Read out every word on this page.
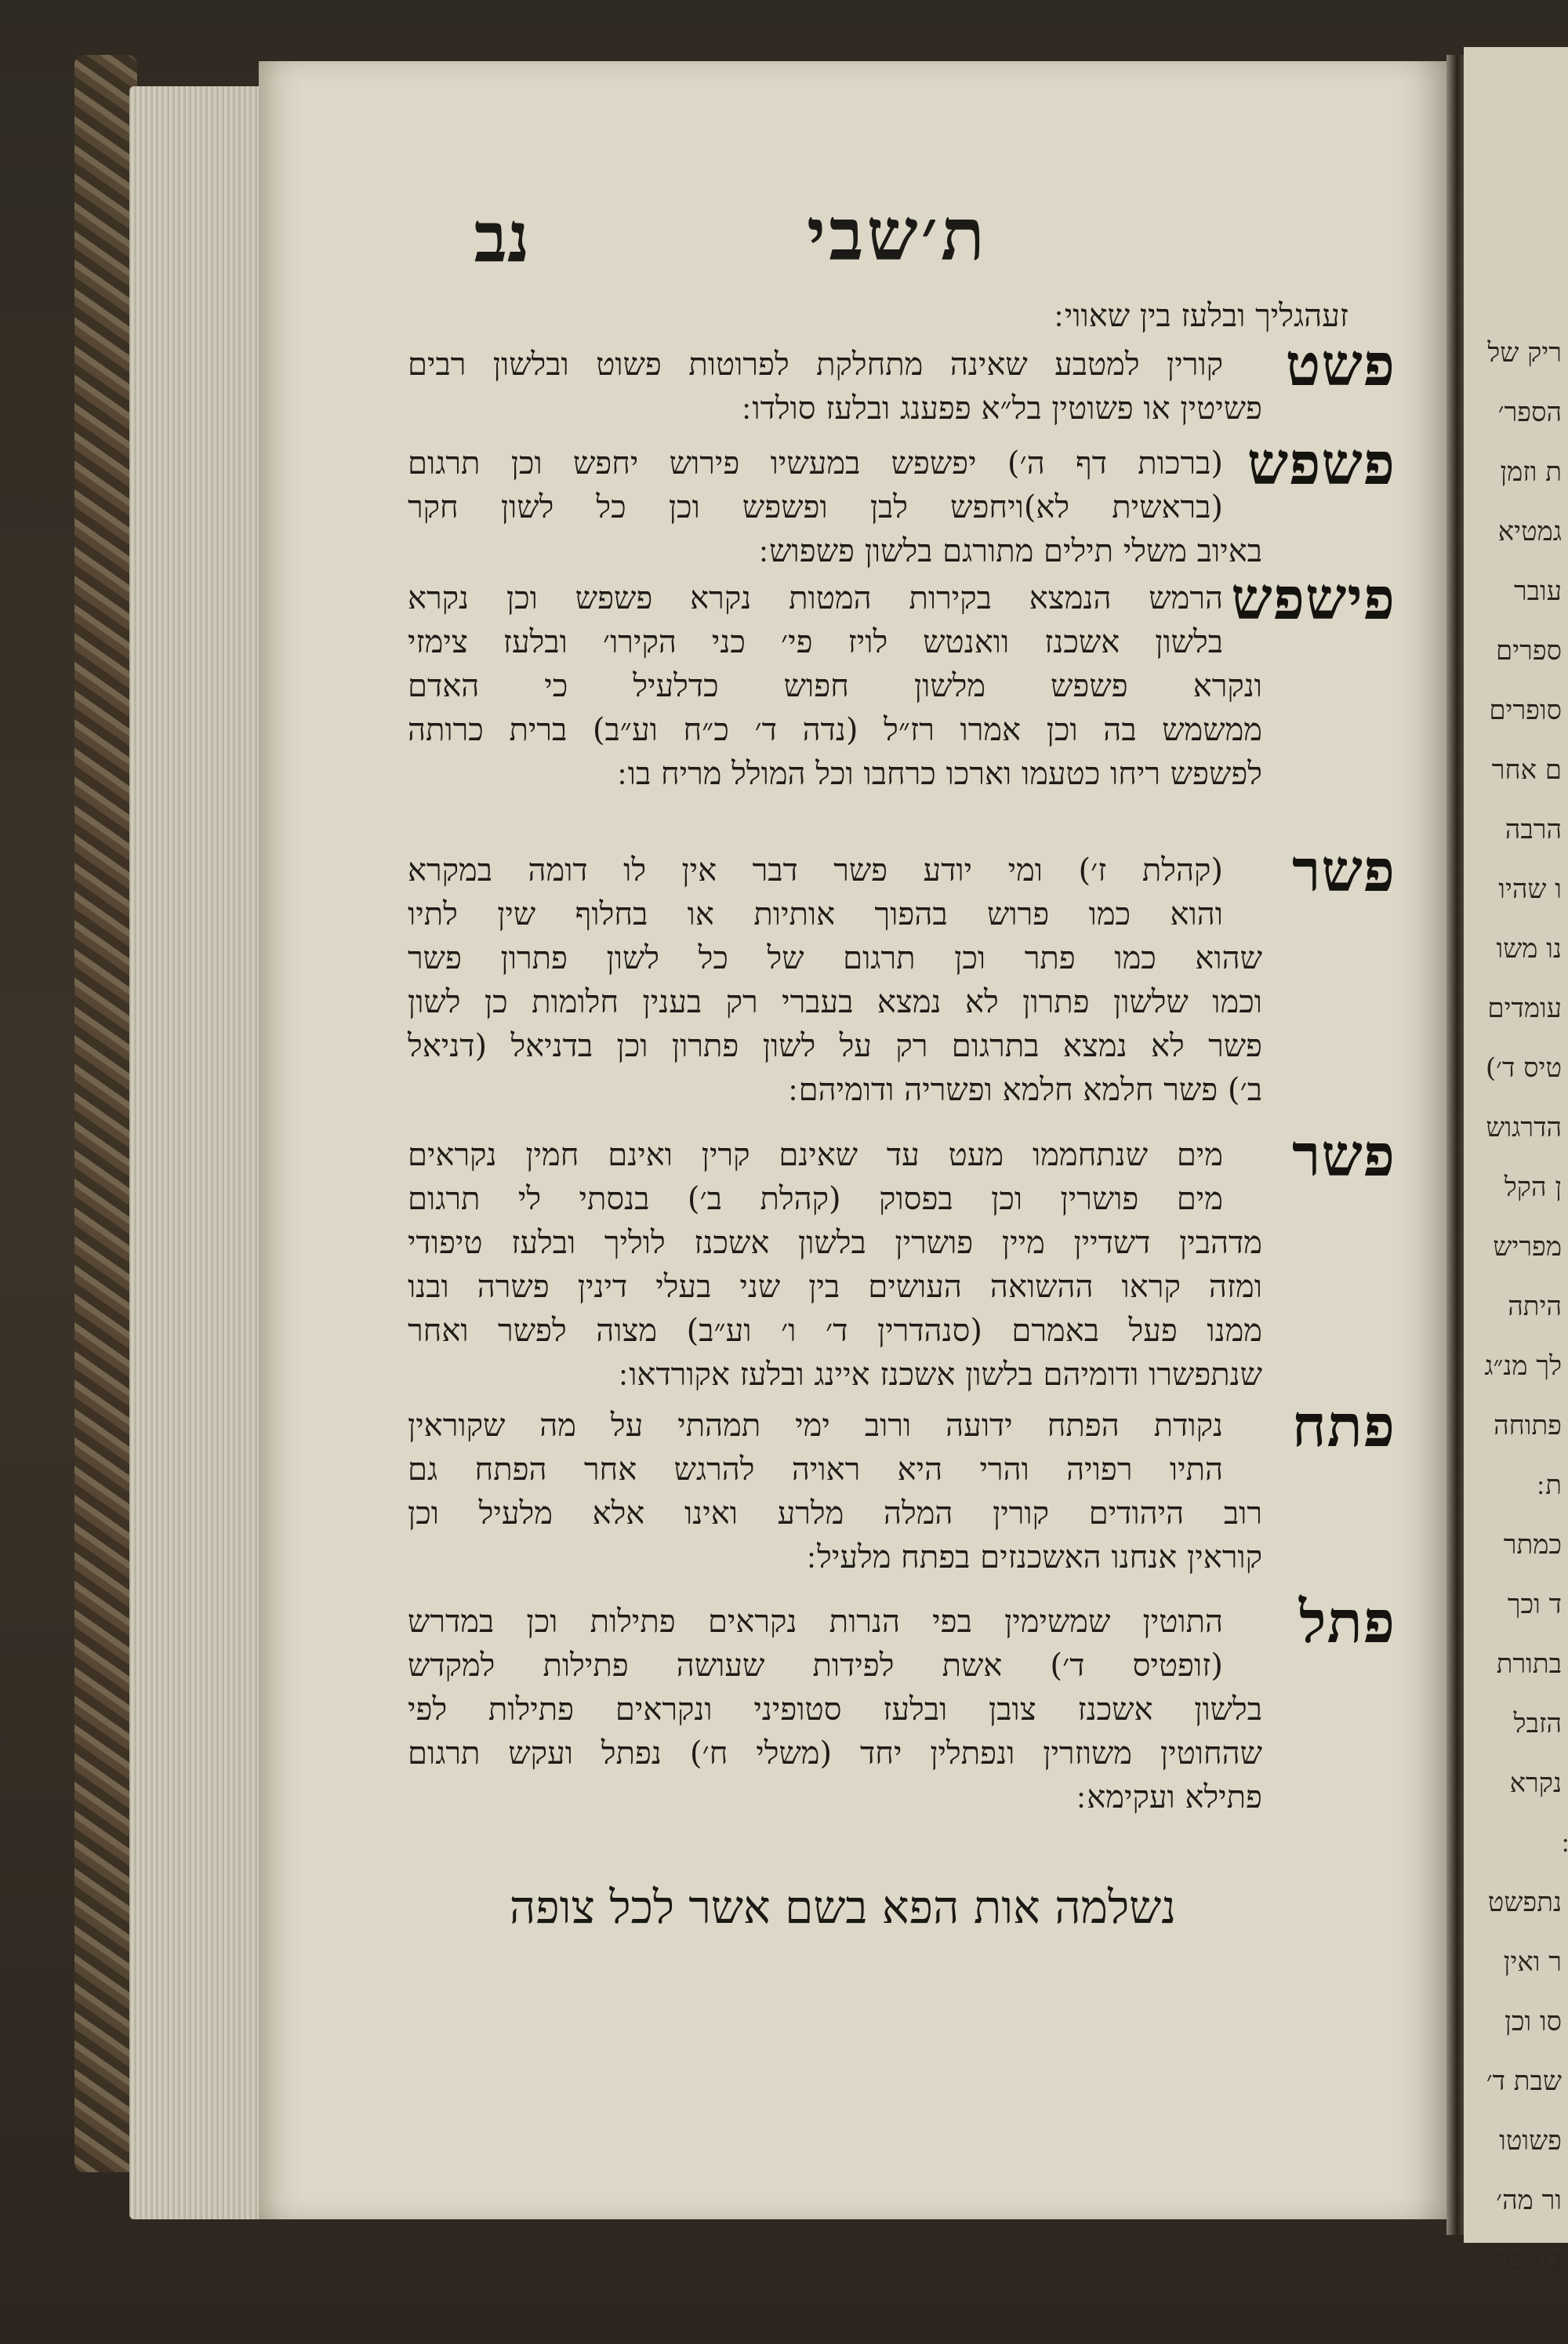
ריק של
הספר׳
ת וזמן
גמטיא
עובר
ספרים
סופרים
ם אחר
הרבה
ו שהיו
נו משו
עומדים
טיס ד׳)
הדרגוש
ן הקל
מפריש
היתה
לך מנ״ג
פתוחה
ת ׃
כמתר
ד וכך
בתורת
הזבל
נקרא
נתפשט
ר ואין
סו וכן
שבת ד׳
פשוטו
ור מה׳
בנז פר
ת׳שבי
נב
זעהגליך ובלעז בין שאווי ׃
פשט
קורין למטבע שאינה מתחלקת לפרוטות פשוט ובלשון רבים
פשיטין או פשוטין בל״א פפענג ובלעז סולדו ׃
פשפש
(ברכות דף ה׳) יפשפש במעשיו פירוש יחפש וכן תרגום
(בראשית לא)ויחפש לבן ופשפש וכן כל לשון חקר
באיוב משלי תילים מתורגם בלשון פשפוש ׃
פישפש
הרמש הנמצא בקירות המטות נקרא פשפש וכן נקרא
בלשון אשכנז וואנטש לויז פי׳ כני הקירו׳ ובלעז צימזי
ונקרא פשפש מלשון חפוש כדלעיל כי האדם
ממשמש בה וכן אמרו רז״ל (נדה ד׳ כ״ח וע״ב) ברית כרותה
לפשפש ריחו כטעמו וארכו כרחבו וכל המולל מריח בו ׃
פשר
(קהלת ז׳) ומי יודע פשר דבר אין לו דומה במקרא
והוא כמו פרוש בהפוך אותיות או בחלוף שין לתיו
שהוא כמו פתר וכן תרגום של כל לשון פתרון פשר
וכמו שלשון פתרון לא נמצא בעברי רק בענין חלומות כן לשון
פשר לא נמצא בתרגום רק על לשון פתרון וכן בדניאל (דניאל
ב׳) פשר חלמא חלמא ופשריה ודומיהם ׃
פשר
מים שנתחממו מעט עד שאינם קרין ואינם חמין נקראים
מים פושרין וכן בפסוק (קהלת ב׳) בנסתי לי תרגום
מדהבין דשדיין מיין פושרין בלשון אשכנז לוליך ובלעז טיפודי
ומזה קראו ההשואה העושים בין שני בעלי דינין פשרה ובנו
ממנו פעל באמרם (סנהדרין ד׳ ו׳ וע״ב) מצוה לפשר ואחר
שנתפשרו ודומיהם בלשון אשכנז איינג ובלעז אקורדאו ׃
פתח
נקודת הפתח ידועה ורוב ימי תמהתי על מה שקוראין
התיו רפויה והרי היא ראויה להרגש אחר הפתח גם
רוב היהודים קורין המלה מלרע ואינו אלא מלעיל וכן
קוראין אנחנו האשכנזים בפתח מלעיל ׃
פתל
התוטין שמשימין בפי הנרות נקראים פתילות וכן במדרש
(זופטיס ד׳) אשת לפידות שעושה פתילות למקדש
בלשון אשכנז צובן ובלעז סטופיני ונקראים פתילות לפי
שהחוטין משוזרין ונפתלין יחד (משלי ח׳) נפתל ועקש תרגום
פתילא ועקימא ׃
נשלמה אות הפא בשם אשר לכל צופה
